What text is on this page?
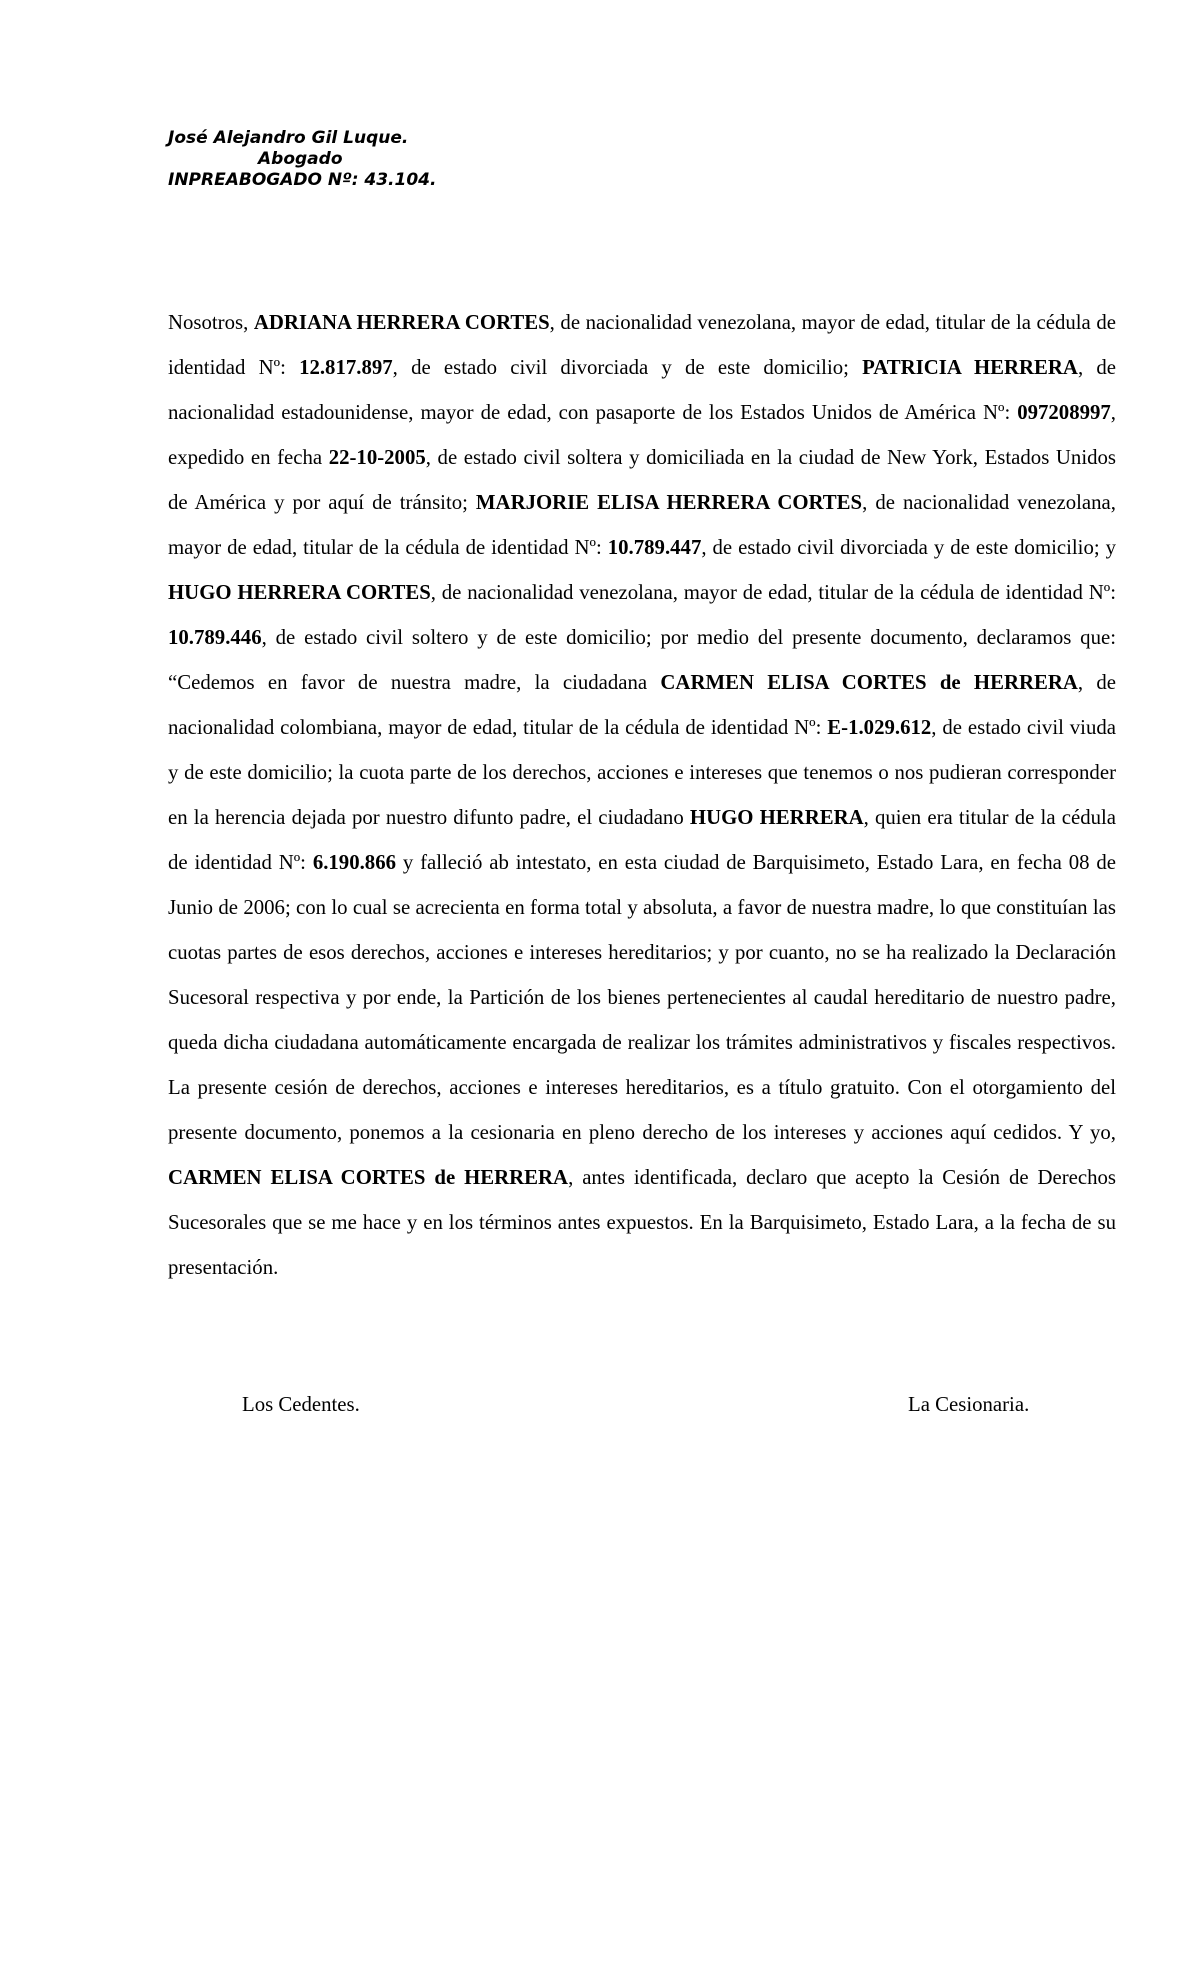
José Alejandro Gil Luque.
Abogado
INPREABOGADO Nº: 43.104.

Nosotros, ADRIANA HERRERA CORTES, de nacionalidad venezolana, mayor de edad, titular de la cédula de identidad Nº: 12.817.897, de estado civil divorciada y de este domicilio; PATRICIA HERRERA, de nacionalidad estadounidense, mayor de edad, con pasaporte de los Estados Unidos de América Nº: 097208997, expedido en fecha 22-10-2005, de estado civil soltera y domiciliada en la ciudad de New York, Estados Unidos de América y por aquí de tránsito; MARJORIE ELISA HERRERA CORTES, de nacionalidad venezolana, mayor de edad, titular de la cédula de identidad Nº: 10.789.447, de estado civil divorciada y de este domicilio; y HUGO HERRERA CORTES, de nacionalidad venezolana, mayor de edad, titular de la cédula de identidad Nº: 10.789.446, de estado civil soltero y de este domicilio; por medio del presente documento, declaramos que: “Cedemos en favor de nuestra madre, la ciudadana CARMEN ELISA CORTES de HERRERA, de nacionalidad colombiana, mayor de edad, titular de la cédula de identidad Nº: E-1.029.612, de estado civil viuda y de este domicilio; la cuota parte de los derechos, acciones e intereses que tenemos o nos pudieran corresponder en la herencia dejada por nuestro difunto padre, el ciudadano HUGO HERRERA, quien era titular de la cédula de identidad Nº: 6.190.866 y falleció ab intestato, en esta ciudad de Barquisimeto, Estado Lara, en fecha 08 de Junio de 2006; con lo cual se acrecienta en forma total y absoluta, a favor de nuestra madre, lo que constituían las cuotas partes de esos derechos, acciones e intereses hereditarios; y por cuanto, no se ha realizado la Declaración Sucesoral respectiva y por ende, la Partición de los bienes pertenecientes al caudal hereditario de nuestro padre, queda dicha ciudadana automáticamente encargada de realizar los trámites administrativos y fiscales respectivos. La presente cesión de derechos, acciones e intereses hereditarios, es a título gratuito. Con el otorgamiento del presente documento, ponemos a la cesionaria en pleno derecho de los intereses y acciones aquí cedidos. Y yo, CARMEN ELISA CORTES de HERRERA, antes identificada, declaro que acepto la Cesión de Derechos Sucesorales que se me hace y en los términos antes expuestos. En la Barquisimeto, Estado Lara, a la fecha de su presentación.

Los Cedentes.	La Cesionaria.
